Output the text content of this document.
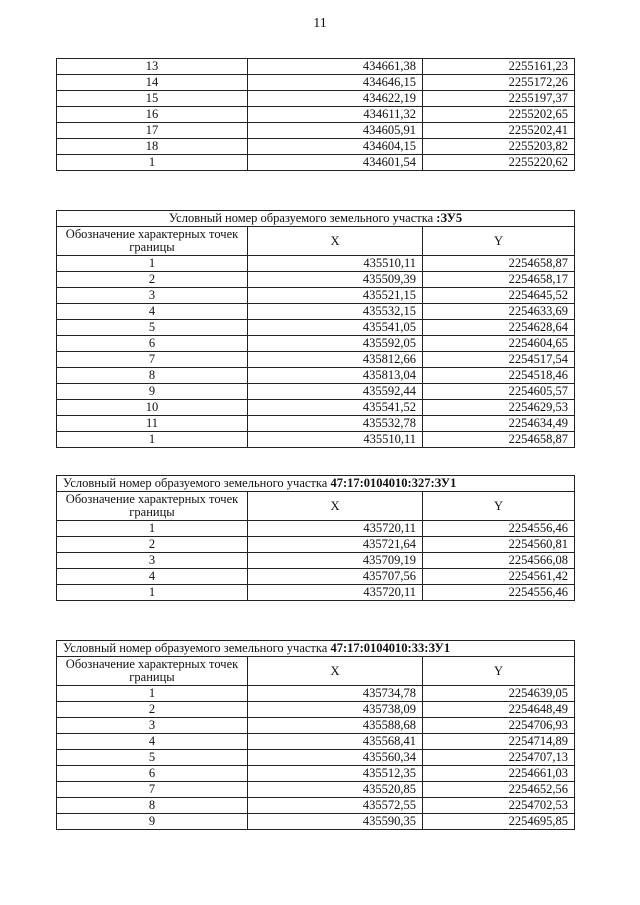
11
13	434661,38	2255161,23
14	434646,15	2255172,26
15	434622,19	2255197,37
16	434611,32	2255202,65
17	434605,91	2255202,41
18	434604,15	2255203,82
1	434601,54	2255220,62
Условный номер образуемого земельного участка :ЗУ5		
Обозначение характерных точек границы	X	Y
1	435510,11	2254658,87
2	435509,39	2254658,17
3	435521,15	2254645,52
4	435532,15	2254633,69
5	435541,05	2254628,64
6	435592,05	2254604,65
7	435812,66	2254517,54
8	435813,04	2254518,46
9	435592,44	2254605,57
10	435541,52	2254629,53
11	435532,78	2254634,49
1	435510,11	2254658,87
Условный номер образуемого земельного участка 47:17:0104010:327:ЗУ1		
Обозначение характерных точек границы	X	Y
1	435720,11	2254556,46
2	435721,64	2254560,81
3	435709,19	2254566,08
4	435707,56	2254561,42
1	435720,11	2254556,46
Условный номер образуемого земельного участка 47:17:0104010:33:ЗУ1		
Обозначение характерных точек границы	X	Y
1	435734,78	2254639,05
2	435738,09	2254648,49
3	435588,68	2254706,93
4	435568,41	2254714,89
5	435560,34	2254707,13
6	435512,35	2254661,03
7	435520,85	2254652,56
8	435572,55	2254702,53
9	435590,35	2254695,85
